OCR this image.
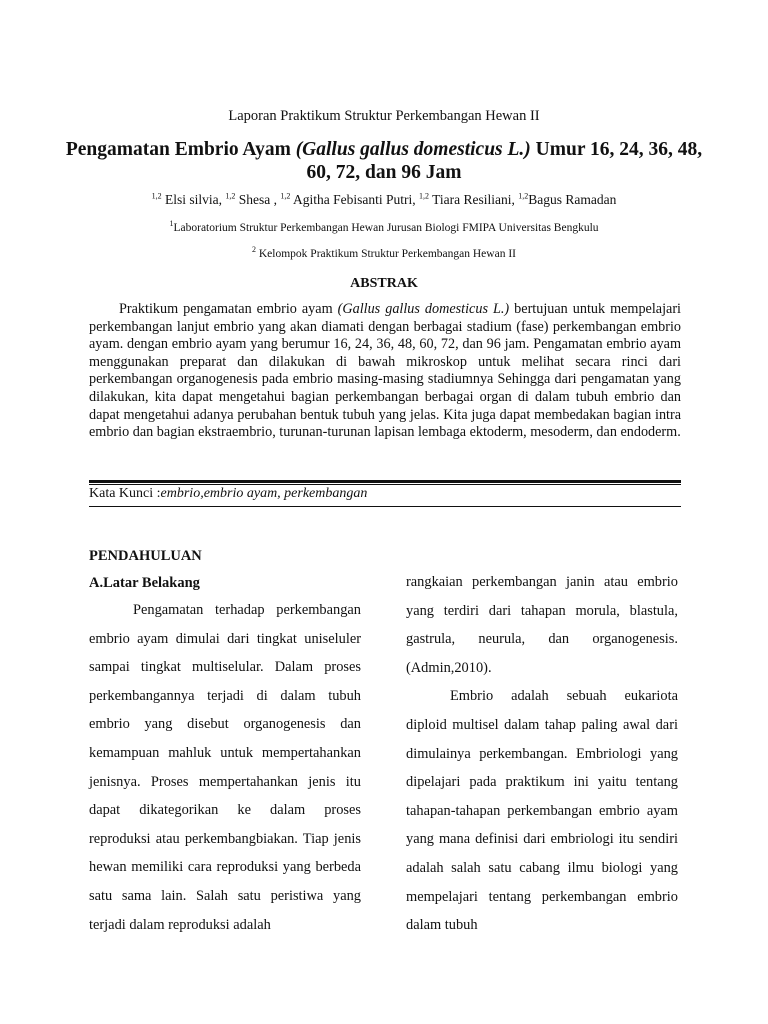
Laporan Praktikum Struktur Perkembangan Hewan II
Pengamatan Embrio Ayam (Gallus gallus domesticus L.) Umur 16, 24, 36, 48, 60, 72, dan 96 Jam
$^{1,2}$ Elsi silvia, $^{1,2}$ Shesa , $^{1,2}$ Agitha Febisanti Putri, $^{1,2}$ Tiara Resiliani, $^{1,2}$Bagus Ramadan
$^1$Laboratorium Struktur Perkembangan Hewan Jurusan Biologi FMIPA Universitas Bengkulu
$^2$ Kelompok Praktikum Struktur Perkembangan Hewan II
ABSTRAK

Praktikum pengamatan embrio ayam (Gallus gallus domesticus L.) bertujuan untuk mempelajari perkembangan lanjut embrio yang akan diamati dengan berbagai stadium (fase) perkembangan embrio ayam. dengan embrio ayam yang berumur 16, 24, 36, 48, 60, 72, dan 96 jam. Pengamatan embrio ayam menggunakan preparat dan dilakukan di bawah mikroskop untuk melihat secara rinci dari perkembangan organogenesis pada embrio masing-masing stadiumnya Sehingga dari pengamatan yang dilakukan, kita dapat mengetahui bagian perkembangan berbagai organ di dalam tubuh embrio dan dapat mengetahui adanya perubahan bentuk tubuh yang jelas. Kita juga dapat membedakan bagian intra embrio dan bagian ekstraembrio, turunan-turunan lapisan lembaga ektoderm, mesoderm, dan endoderm.

Kata Kunci :embrio,embrio ayam, perkembangan
PENDAHULUAN
A.Latar Belakang

Pengamatan terhadap perkembangan embrio ayam dimulai dari tingkat uniseluler sampai tingkat multiselular. Dalam proses perkembangannya terjadi di dalam tubuh embrio yang disebut organogenesis dan kemampuan mahluk untuk mempertahankan jenisnya. Proses mempertahankan jenis itu dapat dikategorikan ke dalam proses reproduksi atau perkembangbiakan. Tiap jenis hewan memiliki cara reproduksi yang berbeda satu sama lain. Salah satu peristiwa yang terjadi dalam reproduksi adalah

rangkaian perkembangan janin atau embrio yang terdiri dari tahapan morula, blastula, gastrula, neurula, dan organogenesis. (Admin,2010).

Embrio adalah sebuah eukariota diploid multisel dalam tahap paling awal dari dimulainya perkembangan. Embriologi yang dipelajari pada praktikum ini yaitu tentang tahapan-tahapan perkembangan embrio ayam yang mana definisi dari embriologi itu sendiri adalah salah satu cabang ilmu biologi yang mempelajari tentang perkembangan embrio dalam tubuh
